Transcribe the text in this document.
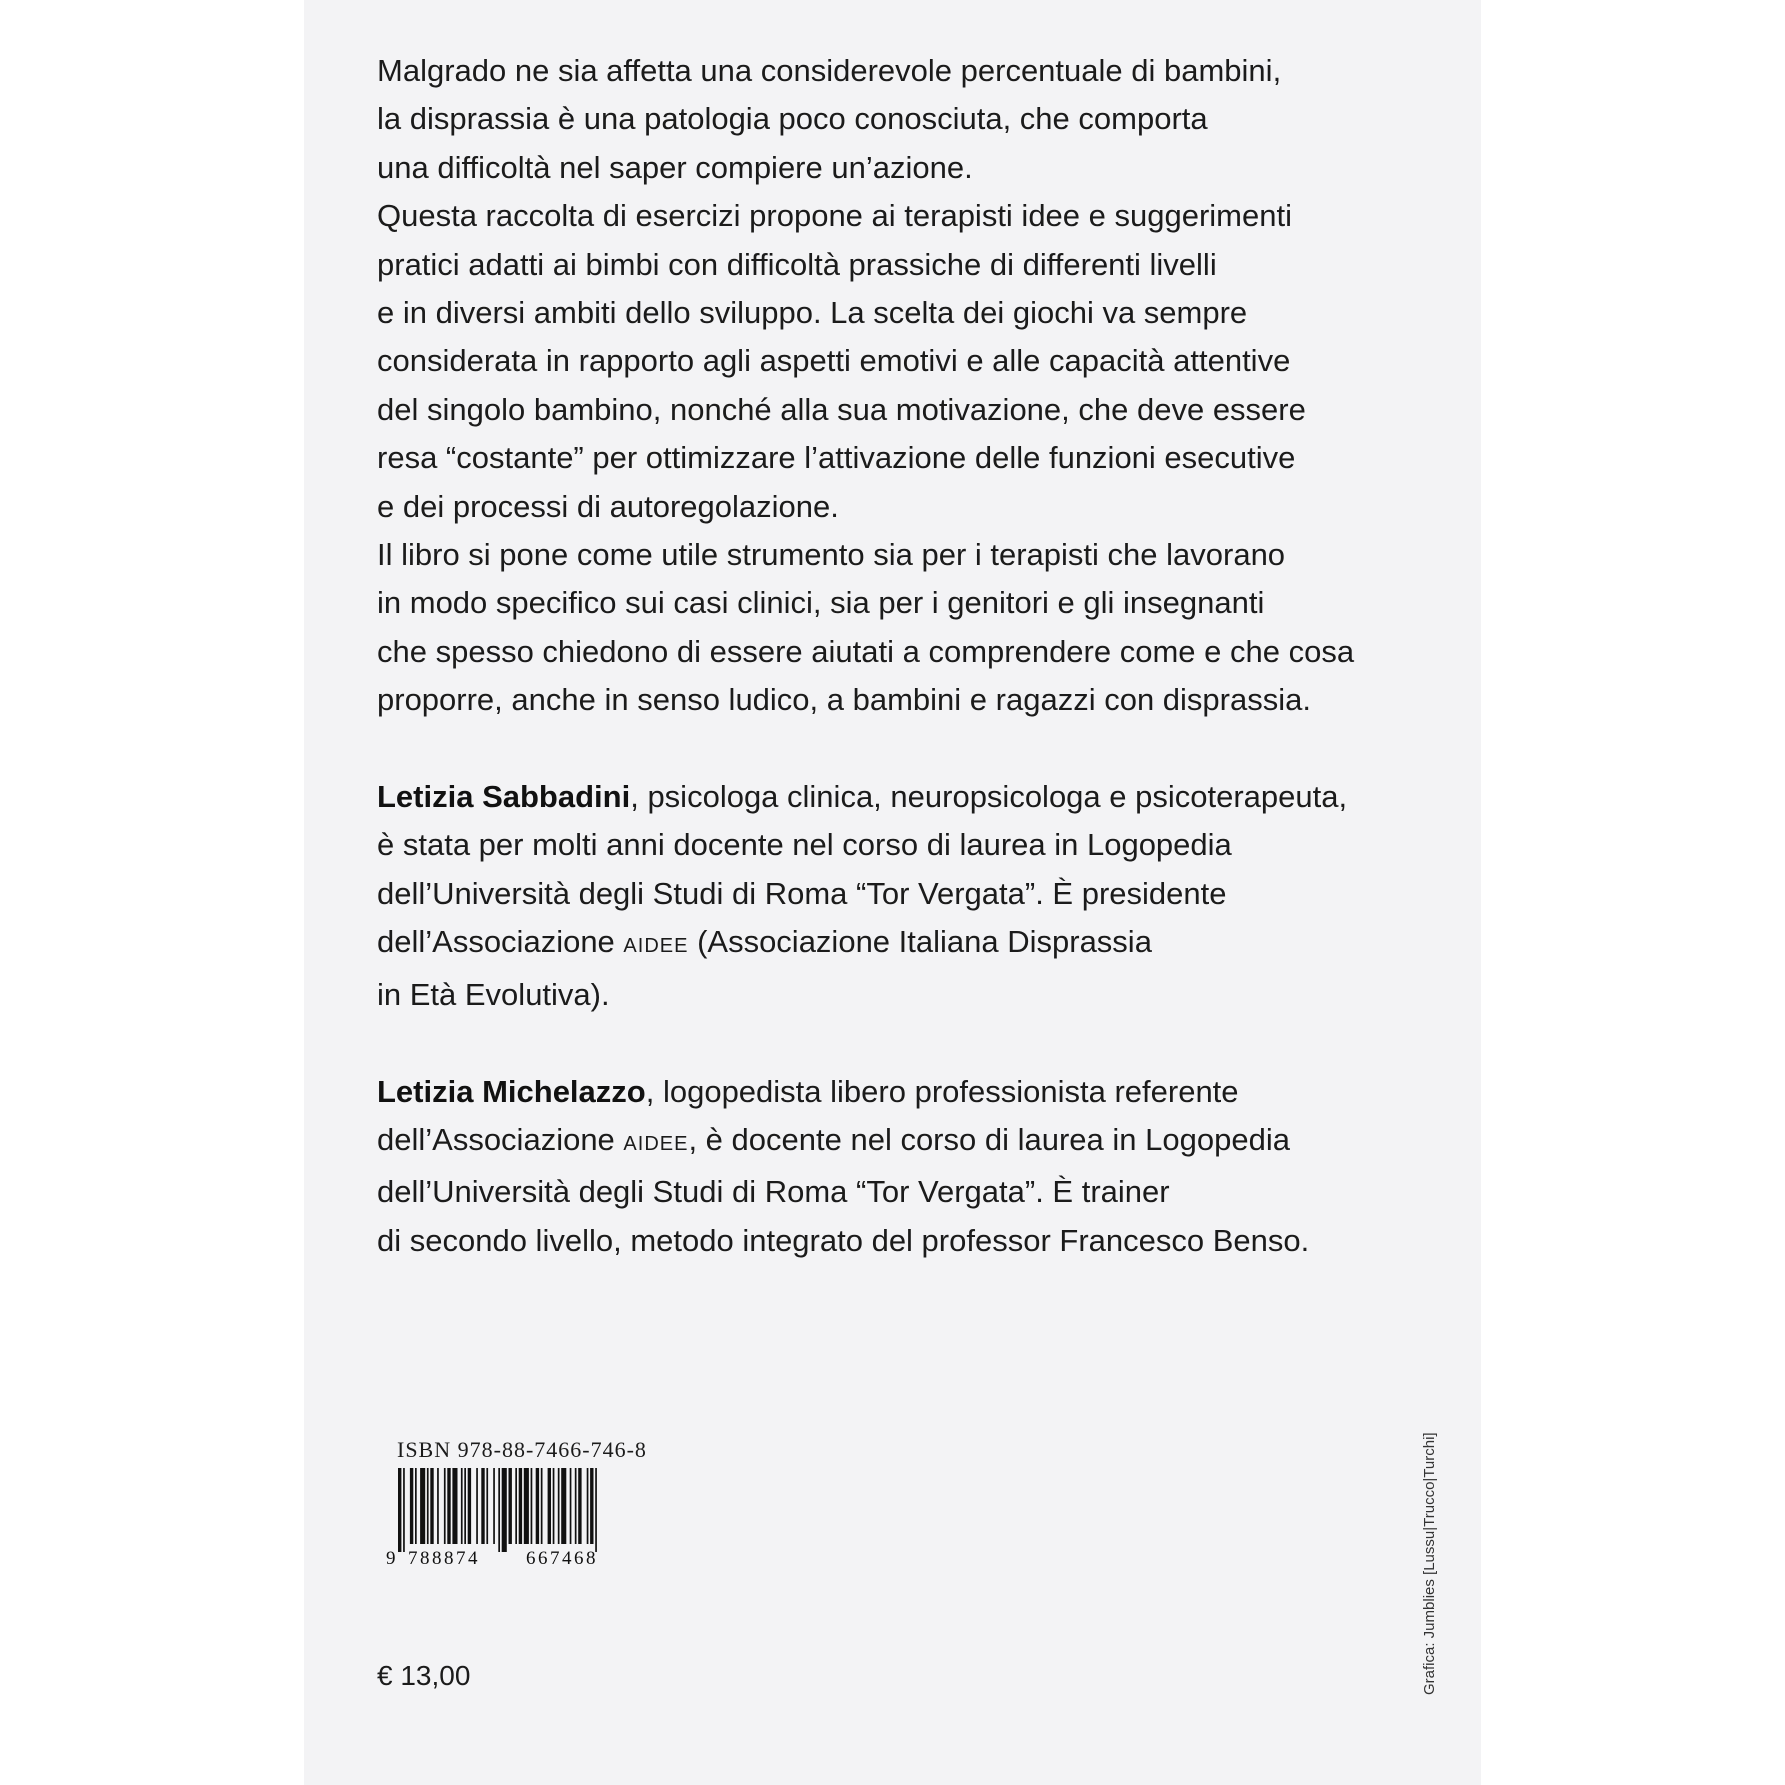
Malgrado ne sia affetta una considerevole percentuale di bambini,
la disprassia è una patologia poco conosciuta, che comporta
una difficoltà nel saper compiere un’azione.
Questa raccolta di esercizi propone ai terapisti idee e suggerimenti
pratici adatti ai bimbi con difficoltà prassiche di differenti livelli
e in diversi ambiti dello sviluppo. La scelta dei giochi va sempre
considerata in rapporto agli aspetti emotivi e alle capacità attentive
del singolo bambino, nonché alla sua motivazione, che deve essere
resa “costante” per ottimizzare l’attivazione delle funzioni esecutive
e dei processi di autoregolazione.
Il libro si pone come utile strumento sia per i terapisti che lavorano
in modo specifico sui casi clinici, sia per i genitori e gli insegnanti
che spesso chiedono di essere aiutati a comprendere come e che cosa
proporre, anche in senso ludico, a bambini e ragazzi con disprassia.

Letizia Sabbadini, psicologa clinica, neuropsicologa e psicoterapeuta,
è stata per molti anni docente nel corso di laurea in Logopedia
dell’Università degli Studi di Roma “Tor Vergata”. È presidente
dell’Associazione AIDEE (Associazione Italiana Disprassia
in Età Evolutiva).

Letizia Michelazzo, logopedista libero professionista referente
dell’Associazione AIDEE, è docente nel corso di laurea in Logopedia
dell’Università degli Studi di Roma “Tor Vergata”. È trainer
di secondo livello, metodo integrato del professor Francesco Benso.

ISBN 978-88-7466-746-8
9 788874 667468
€ 13,00	Grafica: Jumblies [Lussu|Trucco|Turchi]
